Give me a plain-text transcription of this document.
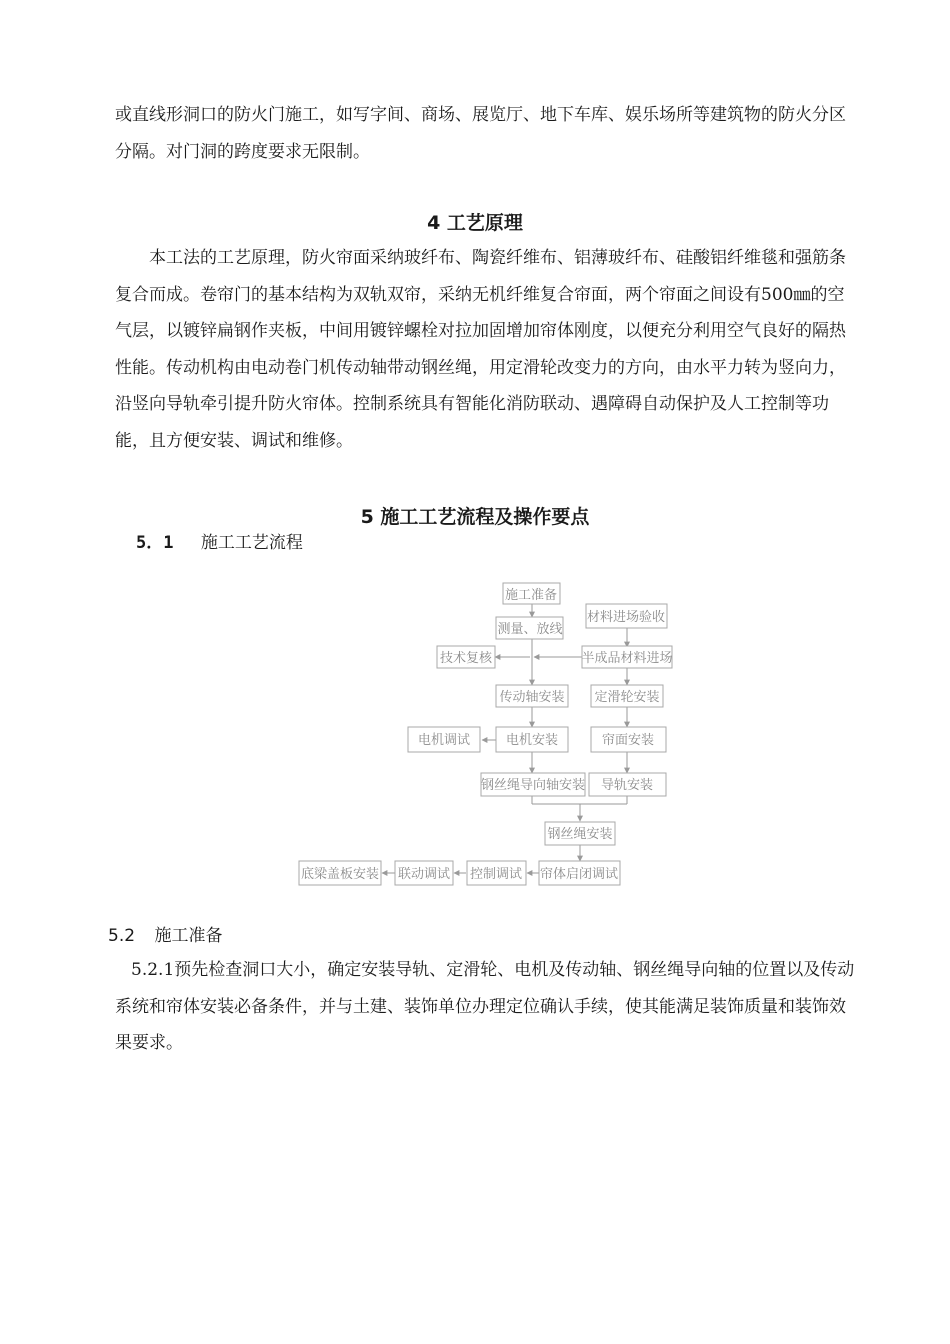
或直线形洞口的防火门施工，如写字间、商场、展览厅、地下车库、娱乐场所等建筑物的防火分区分隔。对门洞的跨度要求无限制。

4 工艺原理

本工法的工艺原理，防火帘面采纳玻纤布、陶瓷纤维布、铝薄玻纤布、硅酸铝纤维毯和强筋条复合而成。卷帘门的基本结构为双轨双帘，采纳无机纤维复合帘面，两个帘面之间设有500㎜的空气层，以镀锌扁钢作夹板，中间用镀锌螺栓对拉加固增加帘体刚度，以便充分利用空气良好的隔热性能。传动机构由电动卷门机传动轴带动钢丝绳，用定滑轮改变力的方向，由水平力转为竖向力，沿竖向导轨牵引提升防火帘体。控制系统具有智能化消防联动、遇障碍自动保护及人工控制等功能，且方便安装、调试和维修。

5 施工工艺流程及操作要点
5．1 施工工艺流程
施工准备
测量、放线
材料进场验收
技术复核	半成品材料进场
传动轴安装 定滑轮安装
电机调试	电机安装	帘面安装
钢丝绳导向轴安装 导轨安装
钢丝绳安装
底梁盖板安装 联动调试 控制调试 帘体启闭调试
5.2 施工准备

5.2.1预先检查洞口大小，确定安装导轨、定滑轮、电机及传动轴、钢丝绳导向轴的位置以及传动系统和帘体安装必备条件，并与土建、装饰单位办理定位确认手续，使其能满足装饰质量和装饰效果要求。
